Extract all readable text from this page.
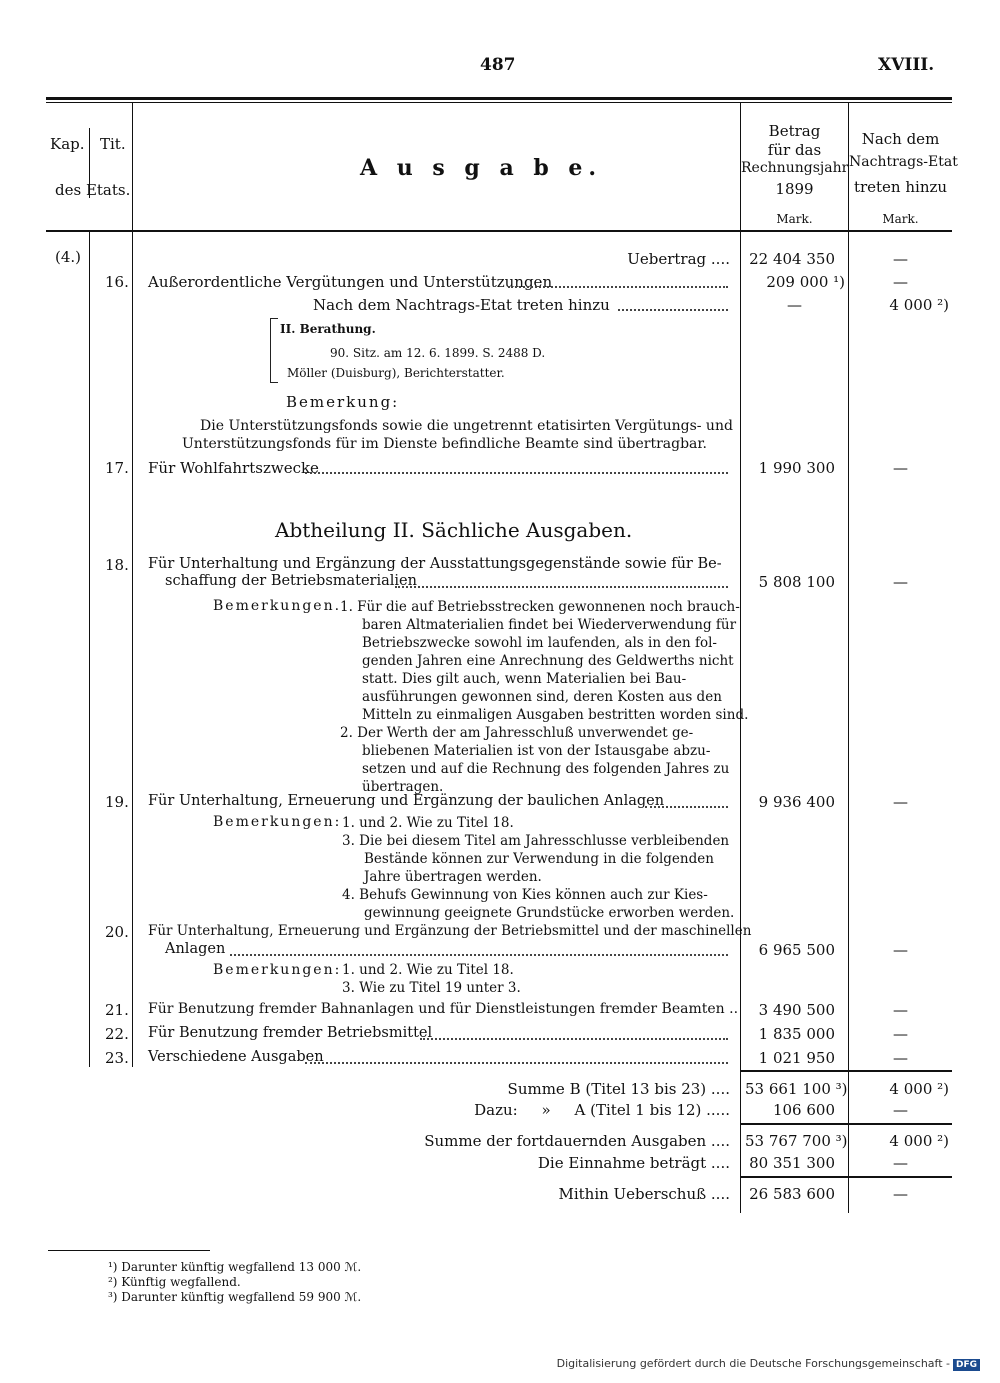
487	XVIII.
Kap. Tit.
des Etats.
A u s g a b e.
Betrag
für das
Rechnungsjahr
1899
Mark.
Nach dem
Nachtrags-Etat
treten hinzu
Mark.
(4.)	Uebertrag .... 22 404 350	—
16. Außerordentliche Vergütungen und Unterstützungen	209 000 ¹)	—
Nach dem Nachtrags-Etat treten hinzu	—	4 000 ²)
II. Berathung.
90. Sitz. am 12. 6. 1899. S. 2488 D.
Möller (Duisburg), Berichterstatter.
Bemerkung:
Die Unterstützungsfonds sowie die ungetrennt etatisirten Vergütungs- und
Unterstützungsfonds für im Dienste befindliche Beamte sind übertragbar.
17. Für Wohlfahrtszwecke	1 990 300	—
Abtheilung II. Sächliche Ausgaben.
18. Für Unterhaltung und Ergänzung der Ausstattungsgegenstände sowie für Be-
schaffung der Betriebsmaterialien	5 808 100	—
Bemerkungen.
1. Für die auf Betriebsstrecken gewonnenen noch brauch-
baren Altmaterialien findet bei Wiederverwendung für
Betriebszwecke sowohl im laufenden, als in den fol-
genden Jahren eine Anrechnung des Geldwerths nicht
statt. Dies gilt auch, wenn Materialien bei Bau-
ausführungen gewonnen sind, deren Kosten aus den
Mitteln zu einmaligen Ausgaben bestritten worden sind.
2. Der Werth der am Jahresschluß unverwendet ge-
bliebenen Materialien ist von der Istausgabe abzu-
setzen und auf die Rechnung des folgenden Jahres zu
übertragen.
19. Für Unterhaltung, Erneuerung und Ergänzung der baulichen Anlagen	9 936 400	—
Bemerkungen: 1. und 2. Wie zu Titel 18.
3. Die bei diesem Titel am Jahresschlusse verbleibenden
Bestände können zur Verwendung in die folgenden
Jahre übertragen werden.
4. Behufs Gewinnung von Kies können auch zur Kies-
gewinnung geeignete Grundstücke erworben werden.
20. Für Unterhaltung, Erneuerung und Ergänzung der Betriebsmittel und der maschinellen
Anlagen	6 965 500	—
Bemerkungen: 1. und 2. Wie zu Titel 18.
3. Wie zu Titel 19 unter 3.
21. Für Benutzung fremder Bahnanlagen und für Dienstleistungen fremder Beamten ..	3 490 500	—
22. Für Benutzung fremder Betriebsmittel	1 835 000	—
23. Verschiedene Ausgaben	1 021 950	—
Summe B (Titel 13 bis 23) .... 53 661 100 ³)	4 000 ²)
Dazu:     »     A (Titel 1 bis 12) .....	106 600	—
Summe der fortdauernden Ausgaben .... 53 767 700 ³)	4 000 ²)
Die Einnahme beträgt .... 80 351 300	—
Mithin Ueberschuß .... 26 583 600	—
¹) Darunter künftig wegfallend 13 000 ℳ.
²) Künftig wegfallend.
³) Darunter künftig wegfallend 59 900 ℳ.
Digitalisierung gefördert durch die Deutsche Forschungsgemeinschaft - DFG
